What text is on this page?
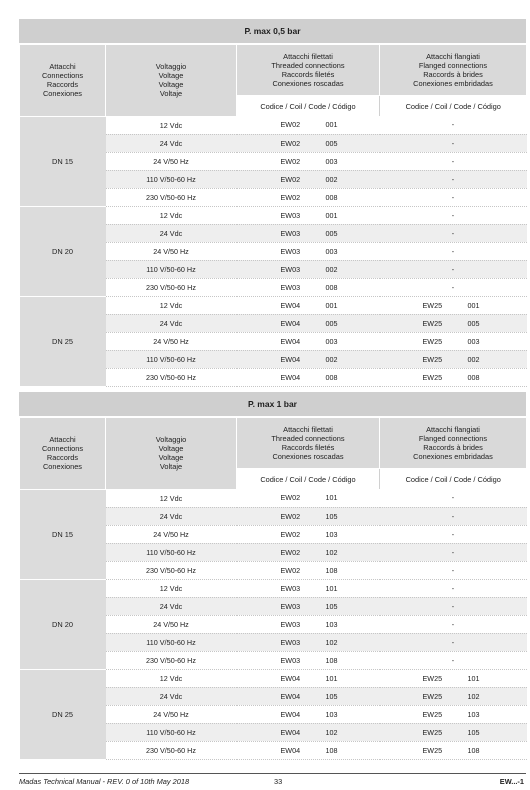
P. max 0,5 bar
Attacchi
Connections
Raccords
Conexiones	Voltaggio
Voltage
Voltage
Voltaje	Attacchi filettati
Threaded connections
Raccords filetés
Conexiones roscadas	Attacchi flangiati
Flanged connections
Raccords à brides
Conexiones embridadas

		Codice / Coil / Code / Código	Codice / Coil / Code / Código
DN 15	12 Vdc	EW02 001	-
	24 Vdc	EW02 005	-
	24 V/50 Hz	EW02 003	-
	110 V/50-60 Hz	EW02 002	-
	230 V/50-60 Hz	EW02 008	-
DN 20	12 Vdc	EW03 001	-
	24 Vdc	EW03 005	-
	24 V/50 Hz	EW03 003	-
	110 V/50-60 Hz	EW03 002	-
	230 V/50-60 Hz	EW03 008	-
DN 25	12 Vdc	EW04 001	EW25 001
	24 Vdc	EW04 005	EW25 005
	24 V/50 Hz	EW04 003	EW25 003
	110 V/50-60 Hz	EW04 002	EW25 002
	230 V/50-60 Hz	EW04 008	EW25 008
P. max 1 bar
Attacchi
Connections
Raccords
Conexiones	Voltaggio
Voltage
Voltage
Voltaje	Attacchi filettati
Threaded connections
Raccords filetés
Conexiones roscadas	Attacchi flangiati
Flanged connections
Raccords à brides
Conexiones embridadas

		Codice / Coil / Code / Código	Codice / Coil / Code / Código
DN 15	12 Vdc	EW02 101	-
	24 Vdc	EW02 105	-
	24 V/50 Hz	EW02 103	-
	110 V/50-60 Hz	EW02 102	-
	230 V/50-60 Hz	EW02 108	-
DN 20	12 Vdc	EW03 101	-
	24 Vdc	EW03 105	-
	24 V/50 Hz	EW03 103	-
	110 V/50-60 Hz	EW03 102	-
	230 V/50-60 Hz	EW03 108	-
DN 25	12 Vdc	EW04 101	EW25 101
	24 Vdc	EW04 105	EW25 102
	24 V/50 Hz	EW04 103	EW25 103
	110 V/50-60 Hz	EW04 102	EW25 105
	230 V/50-60 Hz	EW04 108	EW25 108
Madas Technical Manual - REV. 0 of 10th May 2018	33	EW...-1
